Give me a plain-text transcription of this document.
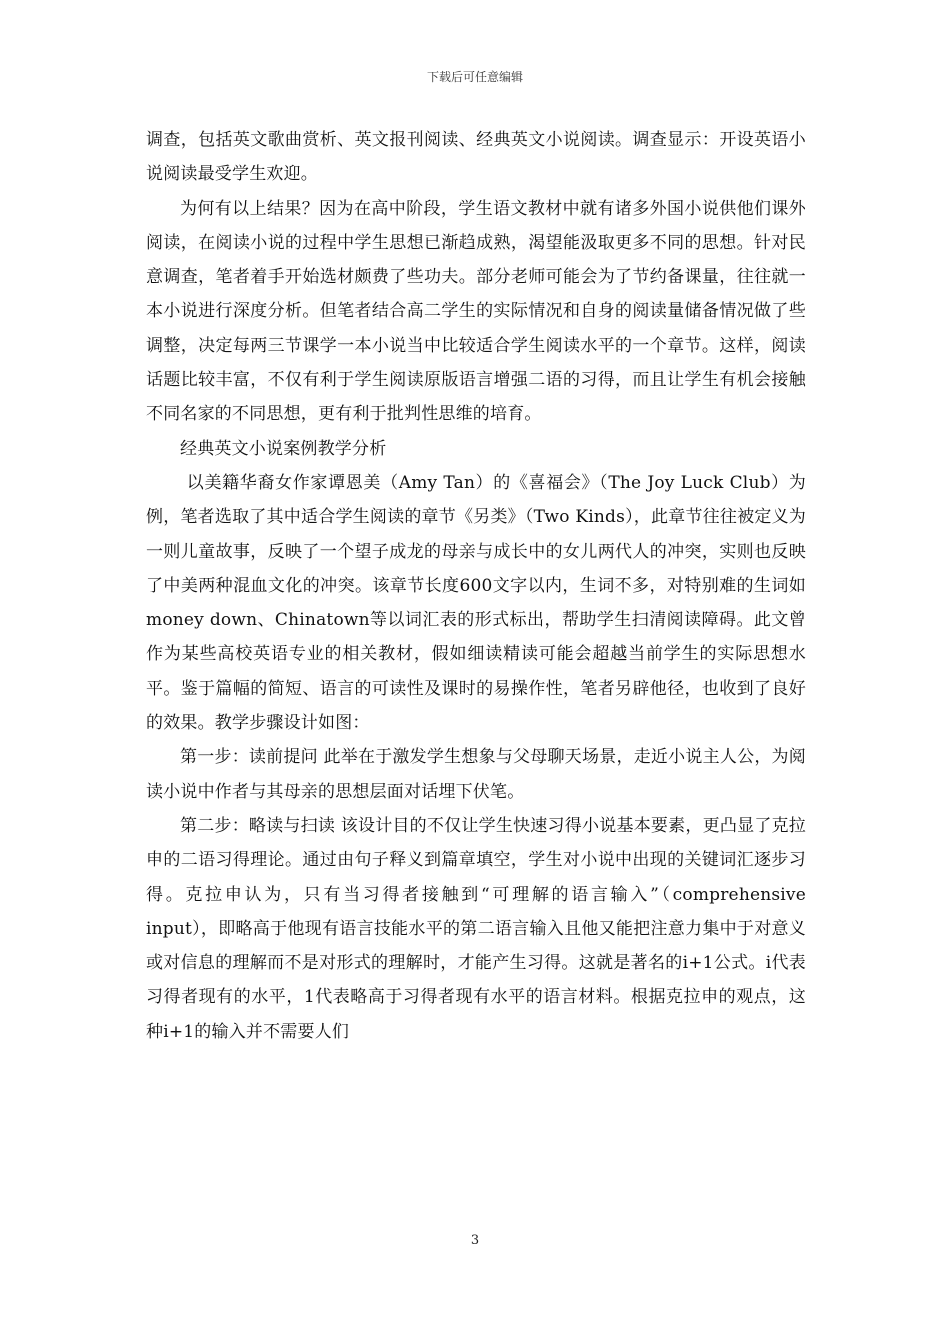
下载后可任意编辑

调查，包括英文歌曲赏析、英文报刊阅读、经典英文小说阅读。调查显示：开设英语小说阅读最受学生欢迎。

为何有以上结果？因为在高中阶段，学生语文教材中就有诸多外国小说供他们课外阅读，在阅读小说的过程中学生思想已渐趋成熟，渴望能汲取更多不同的思想。针对民意调查，笔者着手开始选材颇费了些功夫。部分老师可能会为了节约备课量，往往就一本小说进行深度分析。但笔者结合高二学生的实际情况和自身的阅读量储备情况做了些调整，决定每两三节课学一本小说当中比较适合学生阅读水平的一个章节。这样，阅读话题比较丰富，不仅有利于学生阅读原版语言增强二语的习得，而且让学生有机会接触不同名家的不同思想，更有利于批判性思维的培育。

经典英文小说案例教学分析

以美籍华裔女作家谭恩美（Amy Tan）的《喜福会》（The Joy Luck Club）为例，笔者选取了其中适合学生阅读的章节《另类》（Two Kinds），此章节往往被定义为一则儿童故事，反映了一个望子成龙的母亲与成长中的女儿两代人的冲突，实则也反映了中美两种混血文化的冲突。该章节长度600文字以内，生词不多，对特别难的生词如money down、Chinatown等以词汇表的形式标出，帮助学生扫清阅读障碍。此文曾作为某些高校英语专业的相关教材，假如细读精读可能会超越当前学生的实际思想水平。鉴于篇幅的简短、语言的可读性及课时的易操作性，笔者另辟他径，也收到了良好的效果。教学步骤设计如图：

第一步：读前提问 此举在于激发学生想象与父母聊天场景，走近小说主人公，为阅读小说中作者与其母亲的思想层面对话埋下伏笔。

第二步：略读与扫读 该设计目的不仅让学生快速习得小说基本要素，更凸显了克拉申的二语习得理论。通过由句子释义到篇章填空，学生对小说中出现的关键词汇逐步习得。克拉申认为，只有当习得者接触到“可理解的语言输入”（comprehensive input），即略高于他现有语言技能水平的第二语言输入且他又能把注意力集中于对意义或对信息的理解而不是对形式的理解时，才能产生习得。这就是著名的i+1公式。i代表习得者现有的水平，1代表略高于习得者现有水平的语言材料。根据克拉申的观点，这种i+1的输入并不需要人们

3
